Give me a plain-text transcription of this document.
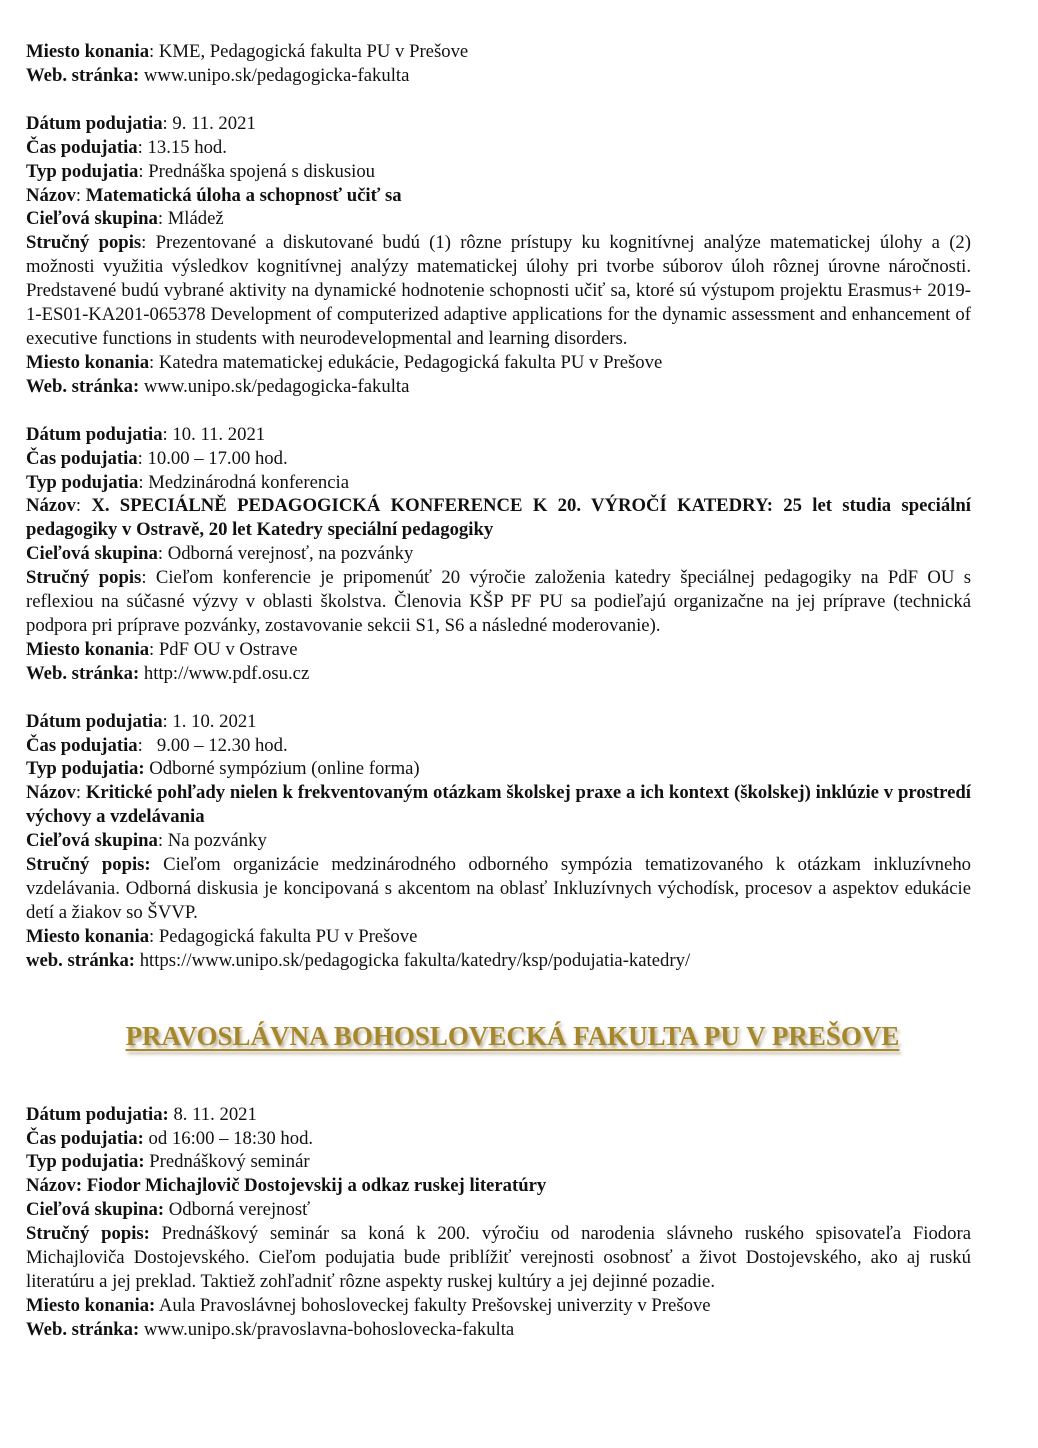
Miesto konania: KME, Pedagogická fakulta PU v Prešove

Web. stránka: www.unipo.sk/pedagogicka-fakulta

Dátum podujatia: 9. 11. 2021

Čas podujatia: 13.15 hod.

Typ podujatia: Prednáška spojená s diskusiou

Názov: Matematická úloha a schopnosť učiť sa

Cieľová skupina: Mládež

Stručný popis: Prezentované a diskutované budú (1) rôzne prístupy ku kognitívnej analýze matematickej úlohy a (2) možnosti využitia výsledkov kognitívnej analýzy matematickej úlohy pri tvorbe súborov úloh rôznej úrovne náročnosti. Predstavené budú vybrané aktivity na dynamické hodnotenie schopnosti učiť sa, ktoré sú výstupom projektu Erasmus+ 2019-1-ES01-KA201-065378 Development of computerized adaptive applications for the dynamic assessment and enhancement of executive functions in students with neurodevelopmental and learning disorders.

Miesto konania: Katedra matematickej edukácie, Pedagogická fakulta PU v Prešove

Web. stránka: www.unipo.sk/pedagogicka-fakulta

Dátum podujatia: 10. 11. 2021

Čas podujatia: 10.00 – 17.00 hod.

Typ podujatia: Medzinárodná konferencia

Názov: X. SPECIÁLNĚ PEDAGOGICKÁ KONFERENCE K 20. VÝROČÍ KATEDRY: 25 let studia speciální pedagogiky v Ostravě, 20 let Katedry speciální pedagogiky

Cieľová skupina: Odborná verejnosť, na pozvánky

Stručný popis: Cieľom konferencie je pripomenúť 20 výročie založenia katedry špeciálnej pedagogiky na PdF OU s reflexiou na súčasné výzvy v oblasti školstva. Členovia KŠP PF PU sa podieľajú organizačne na jej príprave (technická podpora pri príprave pozvánky, zostavovanie sekcii S1, S6 a následné moderovanie).

Miesto konania: PdF OU v Ostrave

Web. stránka: http://www.pdf.osu.cz

Dátum podujatia: 1. 10. 2021

Čas podujatia:   9.00 – 12.30 hod.

Typ podujatia: Odborné sympózium (online forma)

Názov: Kritické pohľady nielen k frekventovaným otázkam školskej praxe a ich kontext (školskej) inklúzie v prostredí výchovy a vzdelávania

Cieľová skupina: Na pozvánky

Stručný popis: Cieľom organizácie medzinárodného odborného sympózia tematizovaného k otázkam inkluzívneho vzdelávania. Odborná diskusia je koncipovaná s akcentom na oblasť Inkluzívnych východísk, procesov a aspektov edukácie detí a žiakov so ŠVVP.

Miesto konania: Pedagogická fakulta PU v Prešove

web. stránka: https://www.unipo.sk/pedagogicka fakulta/katedry/ksp/podujatia-katedry/

PRAVOSLÁVNA BOHOSLOVECKÁ FAKULTA PU V PREŠOVE

Dátum podujatia: 8. 11. 2021

Čas podujatia: od 16:00 – 18:30 hod.

Typ podujatia: Prednáškový seminár

Názov: Fiodor Michajlovič Dostojevskij a odkaz ruskej literatúry

Cieľová skupina: Odborná verejnosť

Stručný popis: Prednáškový seminár sa koná k 200. výročiu od narodenia slávneho ruského spisovateľa Fiodora Michajloviča Dostojevského. Cieľom podujatia bude priblížiť verejnosti osobnosť a život Dostojevského, ako aj ruskú literatúru a jej preklad. Taktiež zohľadniť rôzne aspekty ruskej kultúry a jej dejinné pozadie.

Miesto konania: Aula Pravoslávnej bohosloveckej fakulty Prešovskej univerzity v Prešove

Web. stránka: www.unipo.sk/pravoslavna-bohoslovecka-fakulta
